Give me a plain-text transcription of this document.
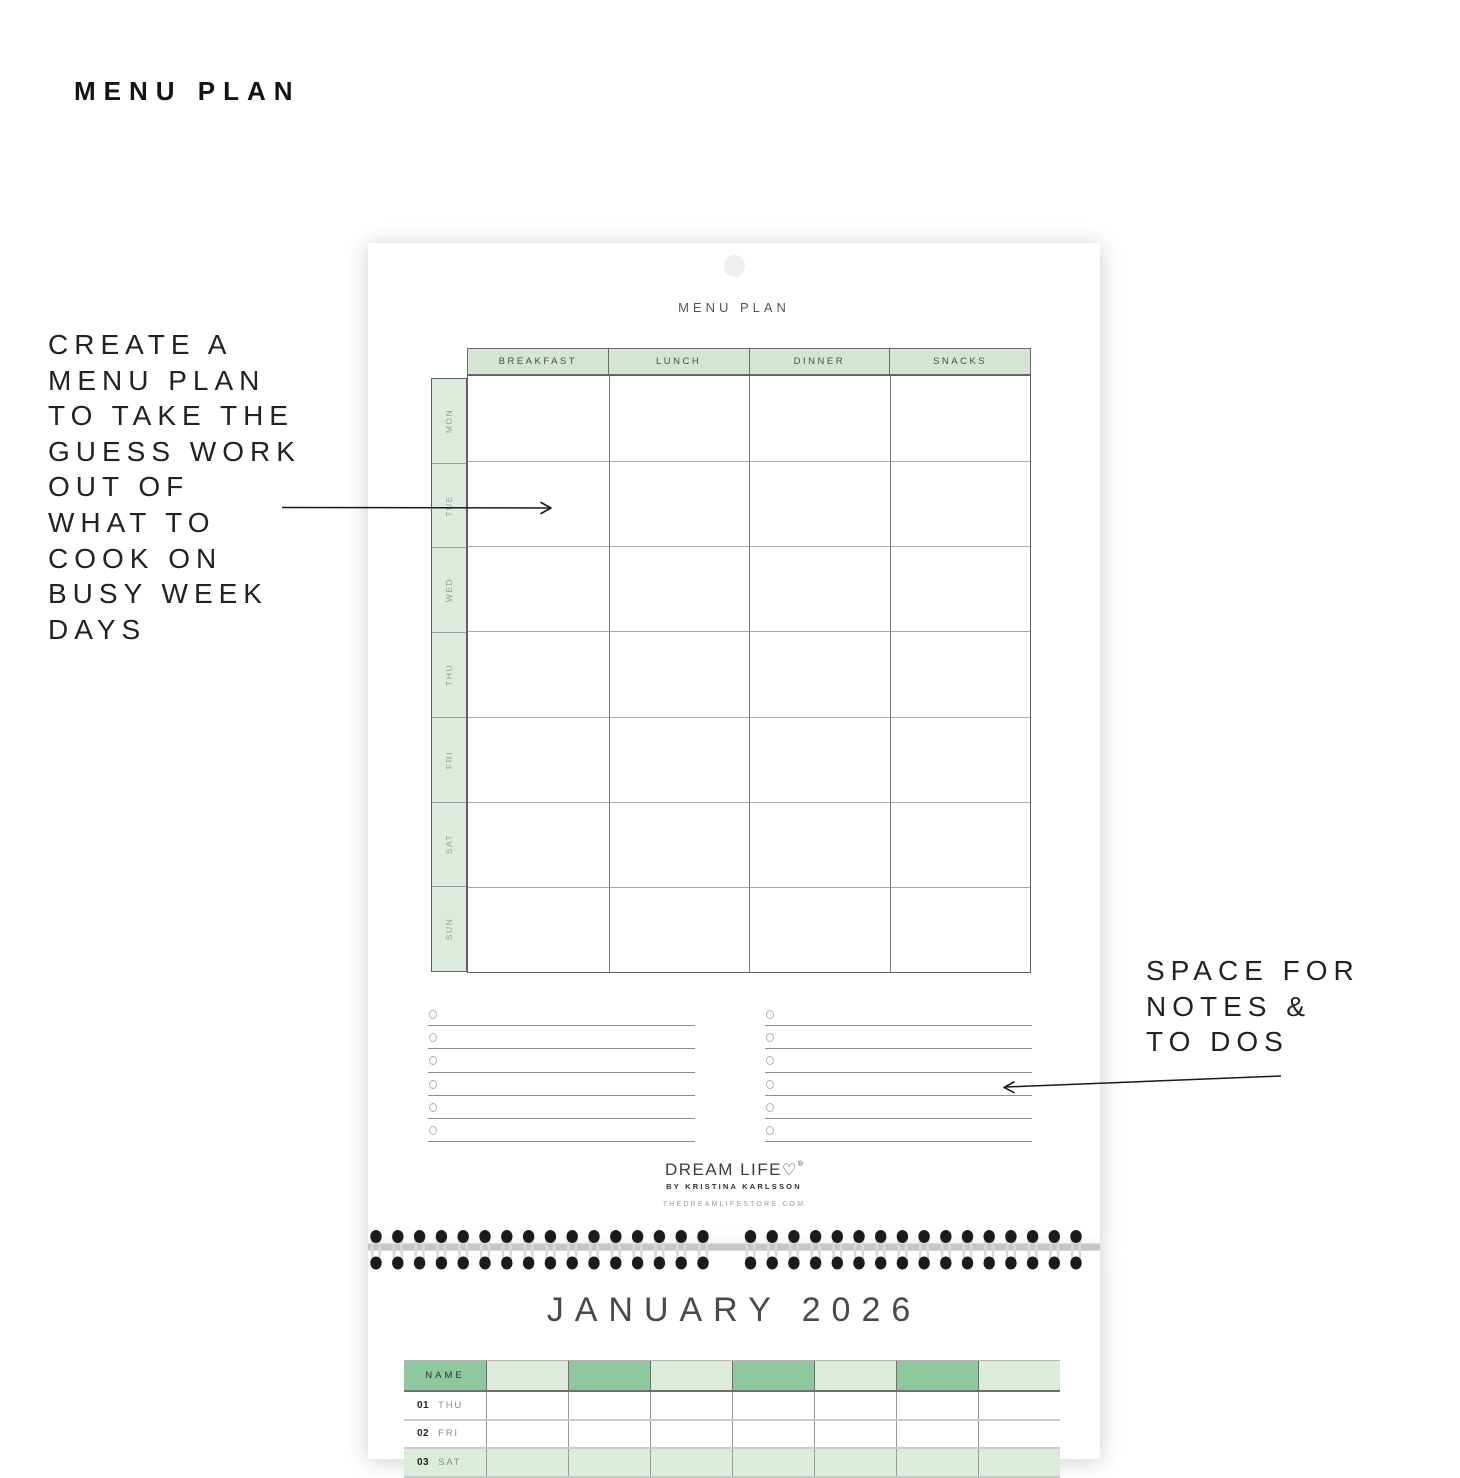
MENU PLAN
CREATE A
MENU PLAN
TO TAKE THE
GUESS WORK
OUT OF
WHAT TO
COOK ON
BUSY WEEK
DAYS
SPACE FOR
NOTES &
TO DOS
MENU PLAN
BREAKFAST	LUNCH	DINNER	SNACKS
MON
TUE
WED
THU
FRI
SAT
SUN
DREAM LIFE♡®
BY KRISTINA KARLSSON
THEDREAMLIFESTORE.COM
JANUARY 2026
NAME
01 THU
02 FRI
03 SAT
